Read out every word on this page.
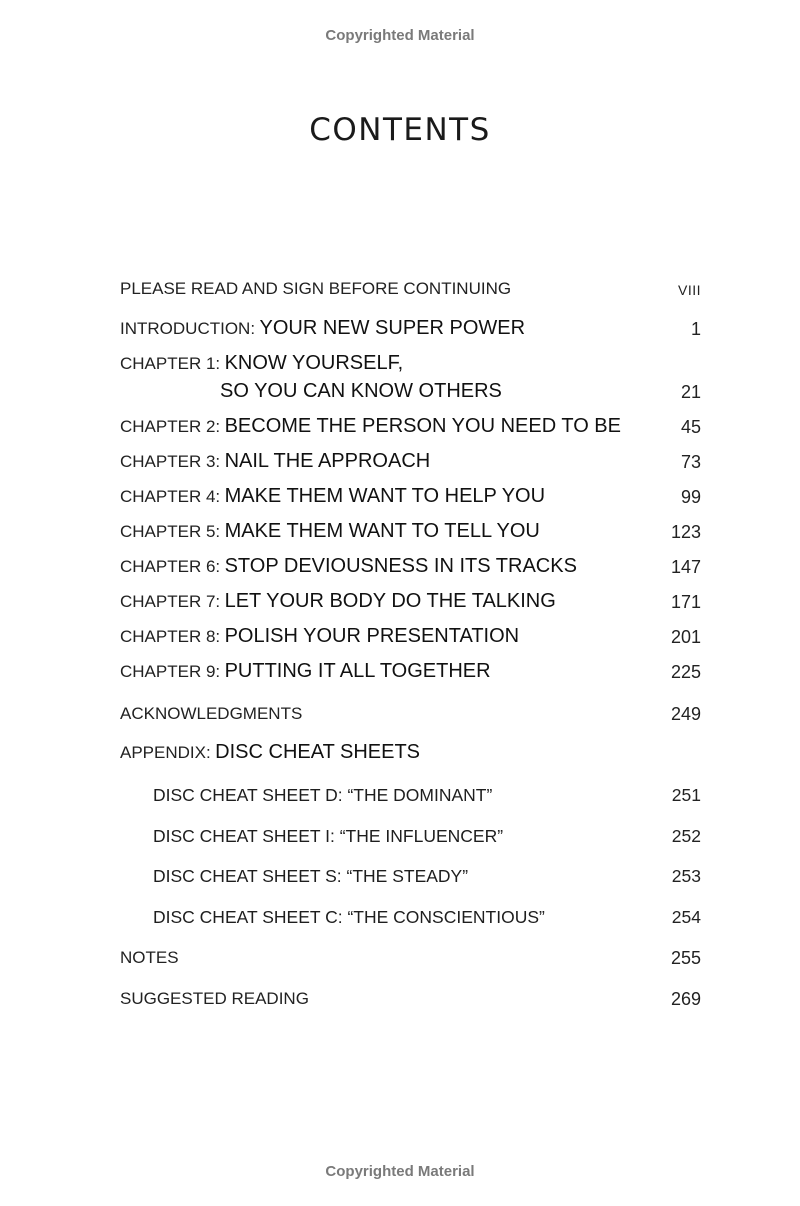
Copyrighted Material
CONTENTS
PLEASE READ AND SIGN BEFORE CONTINUING	VIII
INTRODUCTION: YOUR NEW SUPER POWER	1
CHAPTER 1: KNOW YOURSELF,
SO YOU CAN KNOW OTHERS	21
CHAPTER 2: BECOME THE PERSON YOU NEED TO BE	45
CHAPTER 3: NAIL THE APPROACH	73
CHAPTER 4: MAKE THEM WANT TO HELP YOU	99
CHAPTER 5: MAKE THEM WANT TO TELL YOU	123
CHAPTER 6: STOP DEVIOUSNESS IN ITS TRACKS	147
CHAPTER 7: LET YOUR BODY DO THE TALKING	171
CHAPTER 8: POLISH YOUR PRESENTATION	201
CHAPTER 9: PUTTING IT ALL TOGETHER	225
ACKNOWLEDGMENTS	249
APPENDIX: DISC CHEAT SHEETS
DISC CHEAT SHEET D: “THE DOMINANT”	251
DISC CHEAT SHEET I: “THE INFLUENCER”	252
DISC CHEAT SHEET S: “THE STEADY”	253
DISC CHEAT SHEET C: “THE CONSCIENTIOUS”	254
NOTES	255
SUGGESTED READING	269
Copyrighted Material
